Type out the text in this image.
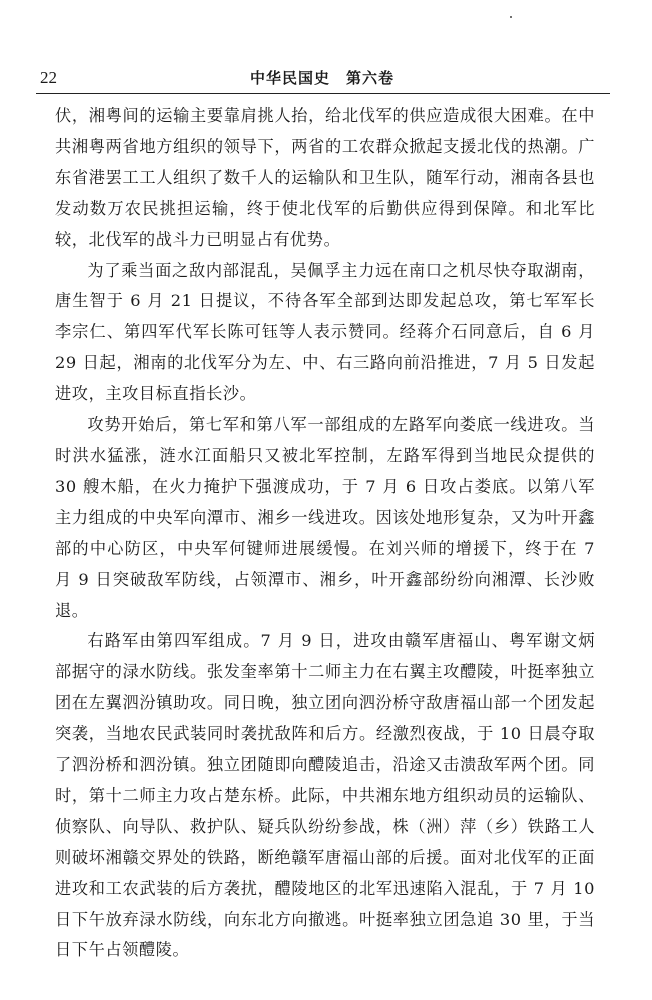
22	中华民国史　第六卷

伏，湘粤间的运输主要靠肩挑人抬，给北伐军的供应造成很大困难。在中共湘粤两省地方组织的领导下，两省的工农群众掀起支援北伐的热潮。广东省港罢工工人组织了数千人的运输队和卫生队，随军行动，湘南各县也发动数万农民挑担运输，终于使北伐军的后勤供应得到保障。和北军比较，北伐军的战斗力已明显占有优势。

为了乘当面之敌内部混乱，吴佩孚主力远在南口之机尽快夺取湖南，唐生智于 6 月 21 日提议，不待各军全部到达即发起总攻，第七军军长李宗仁、第四军代军长陈可钰等人表示赞同。经蒋介石同意后，自 6 月 29 日起，湘南的北伐军分为左、中、右三路向前沿推进，7 月 5 日发起进攻，主攻目标直指长沙。

攻势开始后，第七军和第八军一部组成的左路军向娄底一线进攻。当时洪水猛涨，涟水江面船只又被北军控制，左路军得到当地民众提供的 30 艘木船，在火力掩护下强渡成功，于 7 月 6 日攻占娄底。以第八军主力组成的中央军向潭市、湘乡一线进攻。因该处地形复杂，又为叶开鑫部的中心防区，中央军何键师进展缓慢。在刘兴师的增援下，终于在 7 月 9 日突破敌军防线，占领潭市、湘乡，叶开鑫部纷纷向湘潭、长沙败退。

右路军由第四军组成。7 月 9 日，进攻由赣军唐福山、粤军谢文炳部据守的渌水防线。张发奎率第十二师主力在右翼主攻醴陵，叶挺率独立团在左翼泗汾镇助攻。同日晚，独立团向泗汾桥守敌唐福山部一个团发起突袭，当地农民武装同时袭扰敌阵和后方。经激烈夜战，于 10 日晨夺取了泗汾桥和泗汾镇。独立团随即向醴陵追击，沿途又击溃敌军两个团。同时，第十二师主力攻占楚东桥。此际，中共湘东地方组织动员的运输队、侦察队、向导队、救护队、疑兵队纷纷参战，株（洲）萍（乡）铁路工人则破坏湘赣交界处的铁路，断绝赣军唐福山部的后援。面对北伐军的正面进攻和工农武装的后方袭扰，醴陵地区的北军迅速陷入混乱，于 7 月 10 日下午放弃渌水防线，向东北方向撤逃。叶挺率独立团急追 30 里，于当日下午占领醴陵。
